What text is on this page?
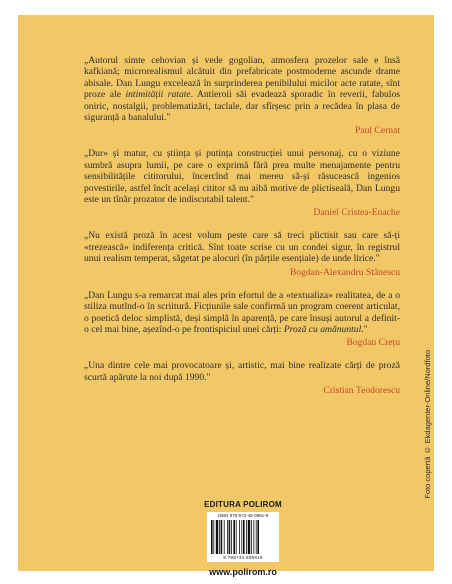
„Autorul simte cehovian și vede gogolian, atmosfera prozelor sale e însă kafkiană; microrealismul alcătuit din prefabricate postmoderne ascunde drame abisale. Dan Lungu excelează în surprinderea penibilului micilor acte ratate, sînt proze ale intimității ratate. Antieroii săi evadează sporadic în reverii, fabulos oniric, nostalgii, problematizări, taclale, dar sfîrșesc prin a recădea în plasa de siguranță a banalului."

Paul Cernat

„Dur» și matur, cu știința și putința construcției unui personaj, cu o viziune sumbră asupra lumii, pe care o exprimă fără prea multe menajamente pentru sensibilitățile cititorului, încercînd mai mereu să-și răsucească ingenios povestirile, astfel încît același cititor să nu aibă motive de plictiseală, Dan Lungu este un tînăr prozator de indiscutabil talent."

Daniel Cristea-Enache

„Nu există proză în acest volum peste care să treci plictisit sau care să-ți «trezească» indiferența critică. Sînt toate scrise cu un condei sigur, în registrul unui realism temperat, săgetat pe alocuri (în părțile esențiale) de unde lirice."

Bogdan-Alexandru Stănescu

„Dan Lungu s-a remarcat mai ales prin efortul de a «textualiza» realitatea, de a o stiliza mutînd-o în scriitură. Ficțiunile sale confirmă un program coerent articulat, o poetică deloc simplistă, deși simplă în aparență, pe care însuși autorul a definit-o cel mai bine, așezînd-o pe frontispiciul unei cărți: Proză cu amănuntul."

Bogdan Crețu

„Una dintre cele mai provocatoare și, artistic, mai bine realizate cărți de proză scurtă apărute la noi după 1990."

Cristian Teodorescu	Foto copertă © Ekdagenter-Online/Nordfoto
EDITURA POLIROM
ISBN 978-973-46-0991-8
9 789734 609918
www.polirom.ro
